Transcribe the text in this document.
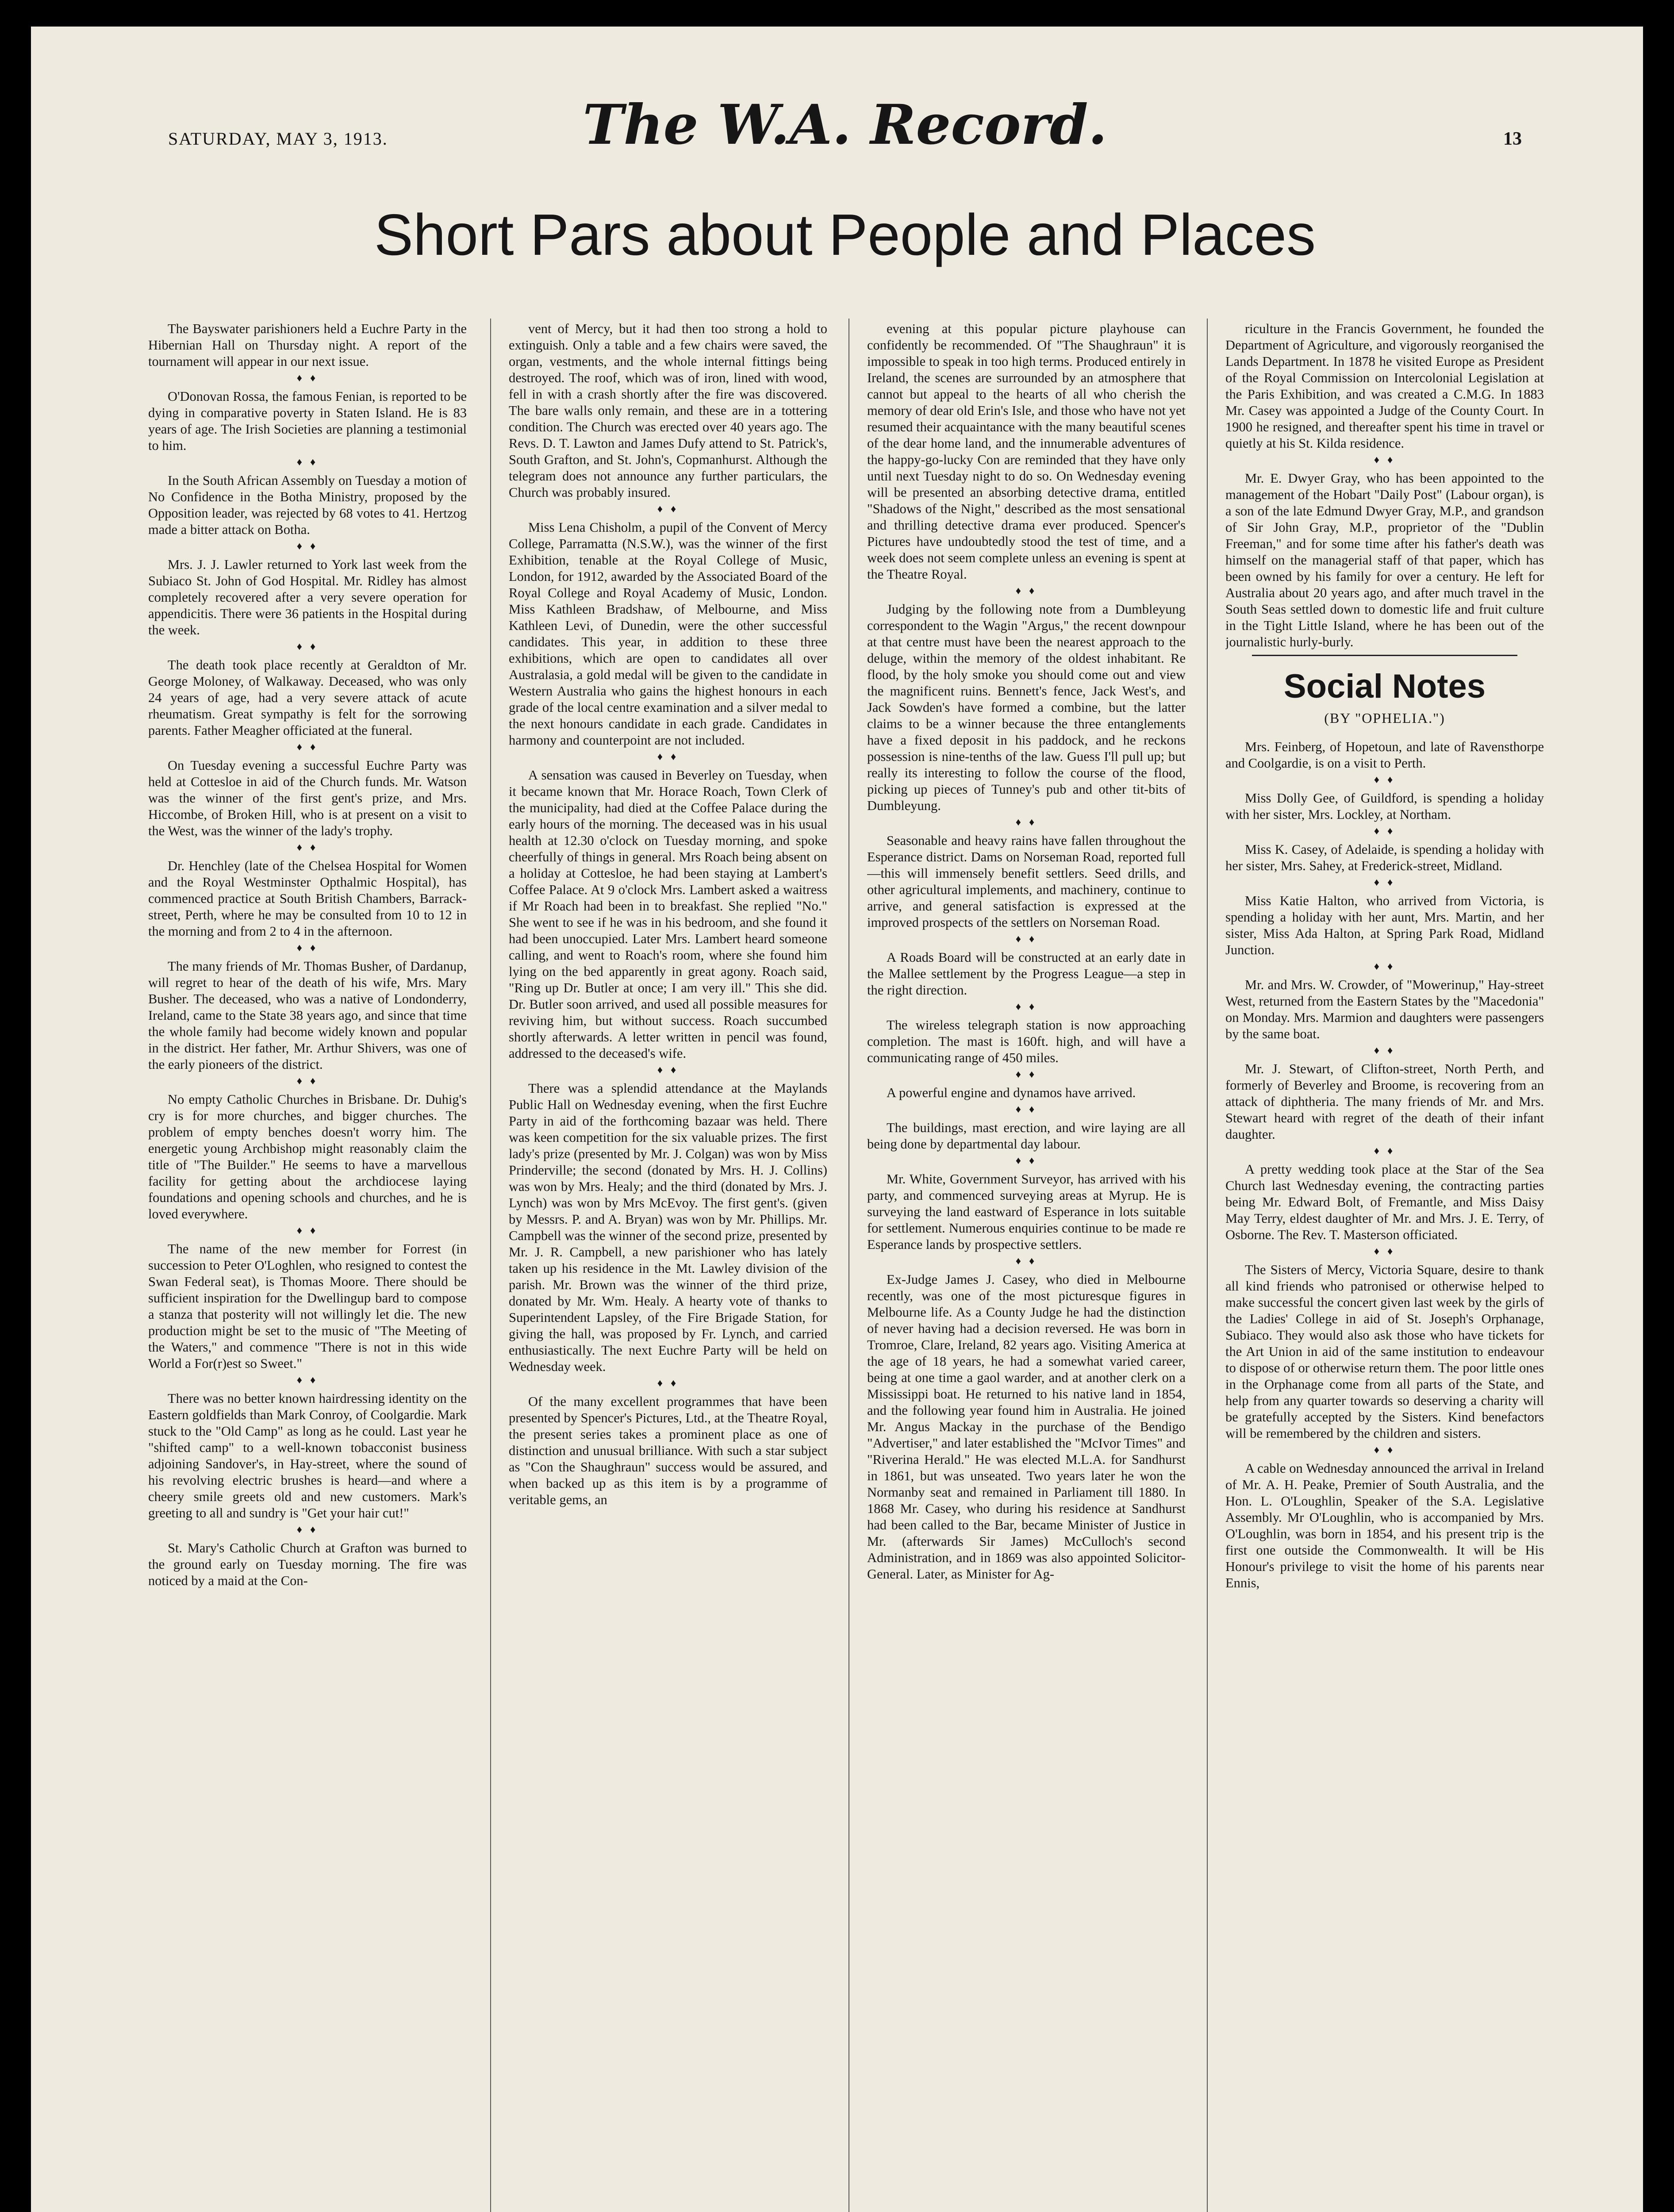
SATURDAY, MAY 3, 1913.	The W.A. Record.	13
Short Pars about People and Places

The Bayswater parishioners held a Euchre Party in the Hibernian Hall on Thursday night. A report of the tournament will appear in our next issue.

♦ ♦

O'Donovan Rossa, the famous Fenian, is reported to be dying in comparative poverty in Staten Island. He is 83 years of age. The Irish Societies are planning a testimonial to him.

♦ ♦

In the South African Assembly on Tuesday a motion of No Confidence in the Botha Ministry, proposed by the Opposition leader, was rejected by 68 votes to 41. Hertzog made a bitter attack on Botha.

♦ ♦

Mrs. J. J. Lawler returned to York last week from the Subiaco St. John of God Hospital. Mr. Ridley has almost completely recovered after a very severe operation for appendicitis. There were 36 patients in the Hospital during the week.

♦ ♦

The death took place recently at Geraldton of Mr. George Moloney, of Walkaway. Deceased, who was only 24 years of age, had a very severe attack of acute rheumatism. Great sympathy is felt for the sorrowing parents. Father Meagher officiated at the funeral.

♦ ♦

On Tuesday evening a successful Euchre Party was held at Cottesloe in aid of the Church funds. Mr. Watson was the winner of the first gent's prize, and Mrs. Hiccombe, of Broken Hill, who is at present on a visit to the West, was the winner of the lady's trophy.

♦ ♦

Dr. Henchley (late of the Chelsea Hospital for Women and the Royal Westminster Opthalmic Hospital), has commenced practice at South British Chambers, Barrack-street, Perth, where he may be consulted from 10 to 12 in the morning and from 2 to 4 in the afternoon.

♦ ♦

The many friends of Mr. Thomas Busher, of Dardanup, will regret to hear of the death of his wife, Mrs. Mary Busher. The deceased, who was a native of Londonderry, Ireland, came to the State 38 years ago, and since that time the whole family had become widely known and popular in the district. Her father, Mr. Arthur Shivers, was one of the early pioneers of the district.

♦ ♦

No empty Catholic Churches in Brisbane. Dr. Duhig's cry is for more churches, and bigger churches. The problem of empty benches doesn't worry him. The energetic young Archbishop might reasonably claim the title of "The Builder." He seems to have a marvellous facility for getting about the archdiocese laying foundations and opening schools and churches, and he is loved everywhere.

♦ ♦

The name of the new member for Forrest (in succession to Peter O'Loghlen, who resigned to contest the Swan Federal seat), is Thomas Moore. There should be sufficient inspiration for the Dwellingup bard to compose a stanza that posterity will not willingly let die. The new production might be set to the music of "The Meeting of the Waters," and commence "There is not in this wide World a For(r)est so Sweet."

♦ ♦

There was no better known hairdressing identity on the Eastern goldfields than Mark Conroy, of Coolgardie. Mark stuck to the "Old Camp" as long as he could. Last year he "shifted camp" to a well-known tobacconist business adjoining Sandover's, in Hay-street, where the sound of his revolving electric brushes is heard—and where a cheery smile greets old and new customers. Mark's greeting to all and sundry is "Get your hair cut!"

♦ ♦

St. Mary's Catholic Church at Grafton was burned to the ground early on Tuesday morning. The fire was noticed by a maid at the Con-

vent of Mercy, but it had then too strong a hold to extinguish. Only a table and a few chairs were saved, the organ, vestments, and the whole internal fittings being destroyed. The roof, which was of iron, lined with wood, fell in with a crash shortly after the fire was discovered. The bare walls only remain, and these are in a tottering condition. The Church was erected over 40 years ago. The Revs. D. T. Lawton and James Dufy attend to St. Patrick's, South Grafton, and St. John's, Copmanhurst. Although the telegram does not announce any further particulars, the Church was probably insured.

♦ ♦

Miss Lena Chisholm, a pupil of the Convent of Mercy College, Parramatta (N.S.W.), was the winner of the first Exhibition, tenable at the Royal College of Music, London, for 1912, awarded by the Associated Board of the Royal College and Royal Academy of Music, London. Miss Kathleen Bradshaw, of Melbourne, and Miss Kathleen Levi, of Dunedin, were the other successful candidates. This year, in addition to these three exhibitions, which are open to candidates all over Australasia, a gold medal will be given to the candidate in Western Australia who gains the highest honours in each grade of the local centre examination and a silver medal to the next honours candidate in each grade. Candidates in harmony and counterpoint are not included.

♦ ♦

A sensation was caused in Beverley on Tuesday, when it became known that Mr. Horace Roach, Town Clerk of the municipality, had died at the Coffee Palace during the early hours of the morning. The deceased was in his usual health at 12.30 o'clock on Tuesday morning, and spoke cheerfully of things in general. Mrs Roach being absent on a holiday at Cottesloe, he had been staying at Lambert's Coffee Palace. At 9 o'clock Mrs. Lambert asked a waitress if Mr Roach had been in to breakfast. She replied "No." She went to see if he was in his bedroom, and she found it had been unoccupied. Later Mrs. Lambert heard someone calling, and went to Roach's room, where she found him lying on the bed apparently in great agony. Roach said, "Ring up Dr. Butler at once; I am very ill." This she did. Dr. Butler soon arrived, and used all possible measures for reviving him, but without success. Roach succumbed shortly afterwards. A letter written in pencil was found, addressed to the deceased's wife.

♦ ♦

There was a splendid attendance at the Maylands Public Hall on Wednesday evening, when the first Euchre Party in aid of the forthcoming bazaar was held. There was keen competition for the six valuable prizes. The first lady's prize (presented by Mr. J. Colgan) was won by Miss Prinderville; the second (donated by Mrs. H. J. Collins) was won by Mrs. Healy; and the third (donated by Mrs. J. Lynch) was won by Mrs McEvoy. The first gent's. (given by Messrs. P. and A. Bryan) was won by Mr. Phillips. Mr. Campbell was the winner of the second prize, presented by Mr. J. R. Campbell, a new parishioner who has lately taken up his residence in the Mt. Lawley division of the parish. Mr. Brown was the winner of the third prize, donated by Mr. Wm. Healy. A hearty vote of thanks to Superintendent Lapsley, of the Fire Brigade Station, for giving the hall, was proposed by Fr. Lynch, and carried enthusiastically. The next Euchre Party will be held on Wednesday week.

♦ ♦

Of the many excellent programmes that have been presented by Spencer's Pictures, Ltd., at the Theatre Royal, the present series takes a prominent place as one of distinction and unusual brilliance. With such a star subject as "Con the Shaughraun" success would be assured, and when backed up as this item is by a programme of veritable gems, an

evening at this popular picture playhouse can confidently be recommended. Of "The Shaughraun" it is impossible to speak in too high terms. Produced entirely in Ireland, the scenes are surrounded by an atmosphere that cannot but appeal to the hearts of all who cherish the memory of dear old Erin's Isle, and those who have not yet resumed their acquaintance with the many beautiful scenes of the dear home land, and the innumerable adventures of the happy-go-lucky Con are reminded that they have only until next Tuesday night to do so. On Wednesday evening will be presented an absorbing detective drama, entitled "Shadows of the Night," described as the most sensational and thrilling detective drama ever produced. Spencer's Pictures have undoubtedly stood the test of time, and a week does not seem complete unless an evening is spent at the Theatre Royal.

♦ ♦

Judging by the following note from a Dumbleyung correspondent to the Wagin "Argus," the recent downpour at that centre must have been the nearest approach to the deluge, within the memory of the oldest inhabitant. Re flood, by the holy smoke you should come out and view the magnificent ruins. Bennett's fence, Jack West's, and Jack Sowden's have formed a combine, but the latter claims to be a winner because the three entanglements have a fixed deposit in his paddock, and he reckons possession is nine-tenths of the law. Guess I'll pull up; but really its interesting to follow the course of the flood, picking up pieces of Tunney's pub and other tit-bits of Dumbleyung.

♦ ♦

Seasonable and heavy rains have fallen throughout the Esperance district. Dams on Norseman Road, reported full—this will immensely benefit settlers. Seed drills, and other agricultural implements, and machinery, continue to arrive, and general satisfaction is expressed at the improved prospects of the settlers on Norseman Road.

♦ ♦

A Roads Board will be constructed at an early date in the Mallee settlement by the Progress League—a step in the right direction.

♦ ♦

The wireless telegraph station is now approaching completion. The mast is 160ft. high, and will have a communicating range of 450 miles.

♦ ♦

A powerful engine and dynamos have arrived.

♦ ♦

The buildings, mast erection, and wire laying are all being done by departmental day labour.

♦ ♦

Mr. White, Government Surveyor, has arrived with his party, and commenced surveying areas at Myrup. He is surveying the land eastward of Esperance in lots suitable for settlement. Numerous enquiries continue to be made re Esperance lands by prospective settlers.

♦ ♦

Ex-Judge James J. Casey, who died in Melbourne recently, was one of the most picturesque figures in Melbourne life. As a County Judge he had the distinction of never having had a decision reversed. He was born in Tromroe, Clare, Ireland, 82 years ago. Visiting America at the age of 18 years, he had a somewhat varied career, being at one time a gaol warder, and at another clerk on a Mississippi boat. He returned to his native land in 1854, and the following year found him in Australia. He joined Mr. Angus Mackay in the purchase of the Bendigo "Advertiser," and later established the "McIvor Times" and "Riverina Herald." He was elected M.L.A. for Sandhurst in 1861, but was unseated. Two years later he won the Normanby seat and remained in Parliament till 1880. In 1868 Mr. Casey, who during his residence at Sandhurst had been called to the Bar, became Minister of Justice in Mr. (afterwards Sir James) McCulloch's second Administration, and in 1869 was also appointed Solicitor-General. Later, as Minister for Ag-

riculture in the Francis Government, he founded the Department of Agriculture, and vigorously reorganised the Lands Department. In 1878 he visited Europe as President of the Royal Commission on Intercolonial Legislation at the Paris Exhibition, and was created a C.M.G. In 1883 Mr. Casey was appointed a Judge of the County Court. In 1900 he resigned, and thereafter spent his time in travel or quietly at his St. Kilda residence.

♦ ♦

Mr. E. Dwyer Gray, who has been appointed to the management of the Hobart "Daily Post" (Labour organ), is a son of the late Edmund Dwyer Gray, M.P., and grandson of Sir John Gray, M.P., proprietor of the "Dublin Freeman," and for some time after his father's death was himself on the managerial staff of that paper, which has been owned by his family for over a century. He left for Australia about 20 years ago, and after much travel in the South Seas settled down to domestic life and fruit culture in the Tight Little Island, where he has been out of the journalistic hurly-burly.

Social Notes
(BY "OPHELIA.")

Mrs. Feinberg, of Hopetoun, and late of Ravensthorpe and Coolgardie, is on a visit to Perth.

♦ ♦

Miss Dolly Gee, of Guildford, is spending a holiday with her sister, Mrs. Lockley, at Northam.

♦ ♦

Miss K. Casey, of Adelaide, is spending a holiday with her sister, Mrs. Sahey, at Frederick-street, Midland.

♦ ♦

Miss Katie Halton, who arrived from Victoria, is spending a holiday with her aunt, Mrs. Martin, and her sister, Miss Ada Halton, at Spring Park Road, Midland Junction.

♦ ♦

Mr. and Mrs. W. Crowder, of "Mowerinup," Hay-street West, returned from the Eastern States by the "Macedonia" on Monday. Mrs. Marmion and daughters were passengers by the same boat.

♦ ♦

Mr. J. Stewart, of Clifton-street, North Perth, and formerly of Beverley and Broome, is recovering from an attack of diphtheria. The many friends of Mr. and Mrs. Stewart heard with regret of the death of their infant daughter.

♦ ♦

A pretty wedding took place at the Star of the Sea Church last Wednesday evening, the contracting parties being Mr. Edward Bolt, of Fremantle, and Miss Daisy May Terry, eldest daughter of Mr. and Mrs. J. E. Terry, of Osborne. The Rev. T. Masterson officiated.

♦ ♦

The Sisters of Mercy, Victoria Square, desire to thank all kind friends who patronised or otherwise helped to make successful the concert given last week by the girls of the Ladies' College in aid of St. Joseph's Orphanage, Subiaco. They would also ask those who have tickets for the Art Union in aid of the same institution to endeavour to dispose of or otherwise return them. The poor little ones in the Orphanage come from all parts of the State, and help from any quarter towards so deserving a charity will be gratefully accepted by the Sisters. Kind benefactors will be remembered by the children and sisters.

♦ ♦

A cable on Wednesday announced the arrival in Ireland of Mr. A. H. Peake, Premier of South Australia, and the Hon. L. O'Loughlin, Speaker of the S.A. Legislative Assembly. Mr O'Loughlin, who is accompanied by Mrs. O'Loughlin, was born in 1854, and his present trip is the first one outside the Commonwealth. It will be His Honour's privilege to visit the home of his parents near Ennis,
